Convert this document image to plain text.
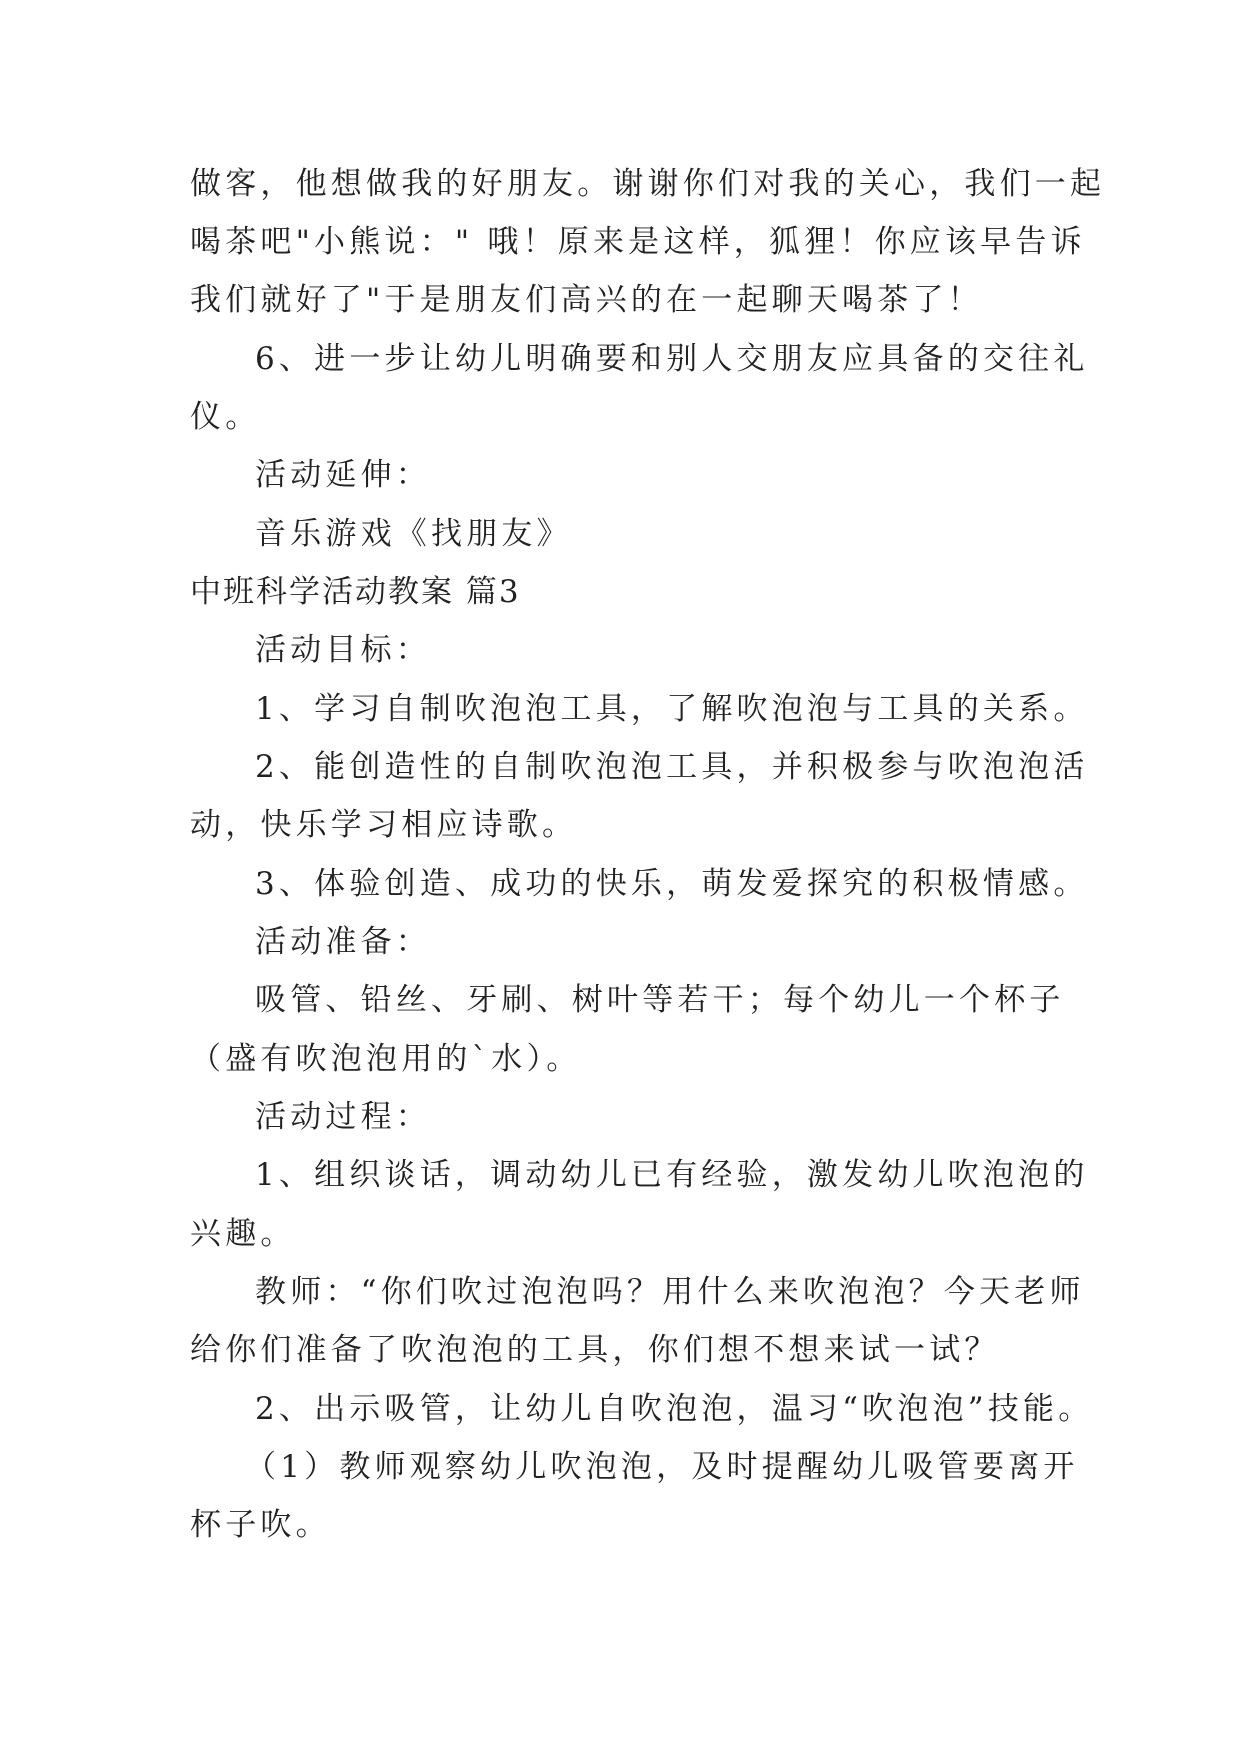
做客，他想做我的好朋友。谢谢你们对我的关心，我们一起
喝茶吧"小熊说：" 哦！原来是这样，狐狸！你应该早告诉
我们就好了"于是朋友们高兴的在一起聊天喝茶了！
6、进一步让幼儿明确要和别人交朋友应具备的交往礼
仪。
活动延伸：
音乐游戏《找朋友》
中班科学活动教案 篇3
活动目标：
1、学习自制吹泡泡工具，了解吹泡泡与工具的关系。
2、能创造性的自制吹泡泡工具，并积极参与吹泡泡活
动，快乐学习相应诗歌。
3、体验创造、成功的快乐，萌发爱探究的积极情感。
活动准备：
吸管、铅丝、牙刷、树叶等若干；每个幼儿一个杯子
（盛有吹泡泡用的`水）。
活动过程：
1、组织谈话，调动幼儿已有经验，激发幼儿吹泡泡的
兴趣。
教师：“你们吹过泡泡吗？用什么来吹泡泡？今天老师
给你们准备了吹泡泡的工具，你们想不想来试一试？
2、出示吸管，让幼儿自吹泡泡，温习“吹泡泡”技能。
（1）教师观察幼儿吹泡泡，及时提醒幼儿吸管要离开
杯子吹。
